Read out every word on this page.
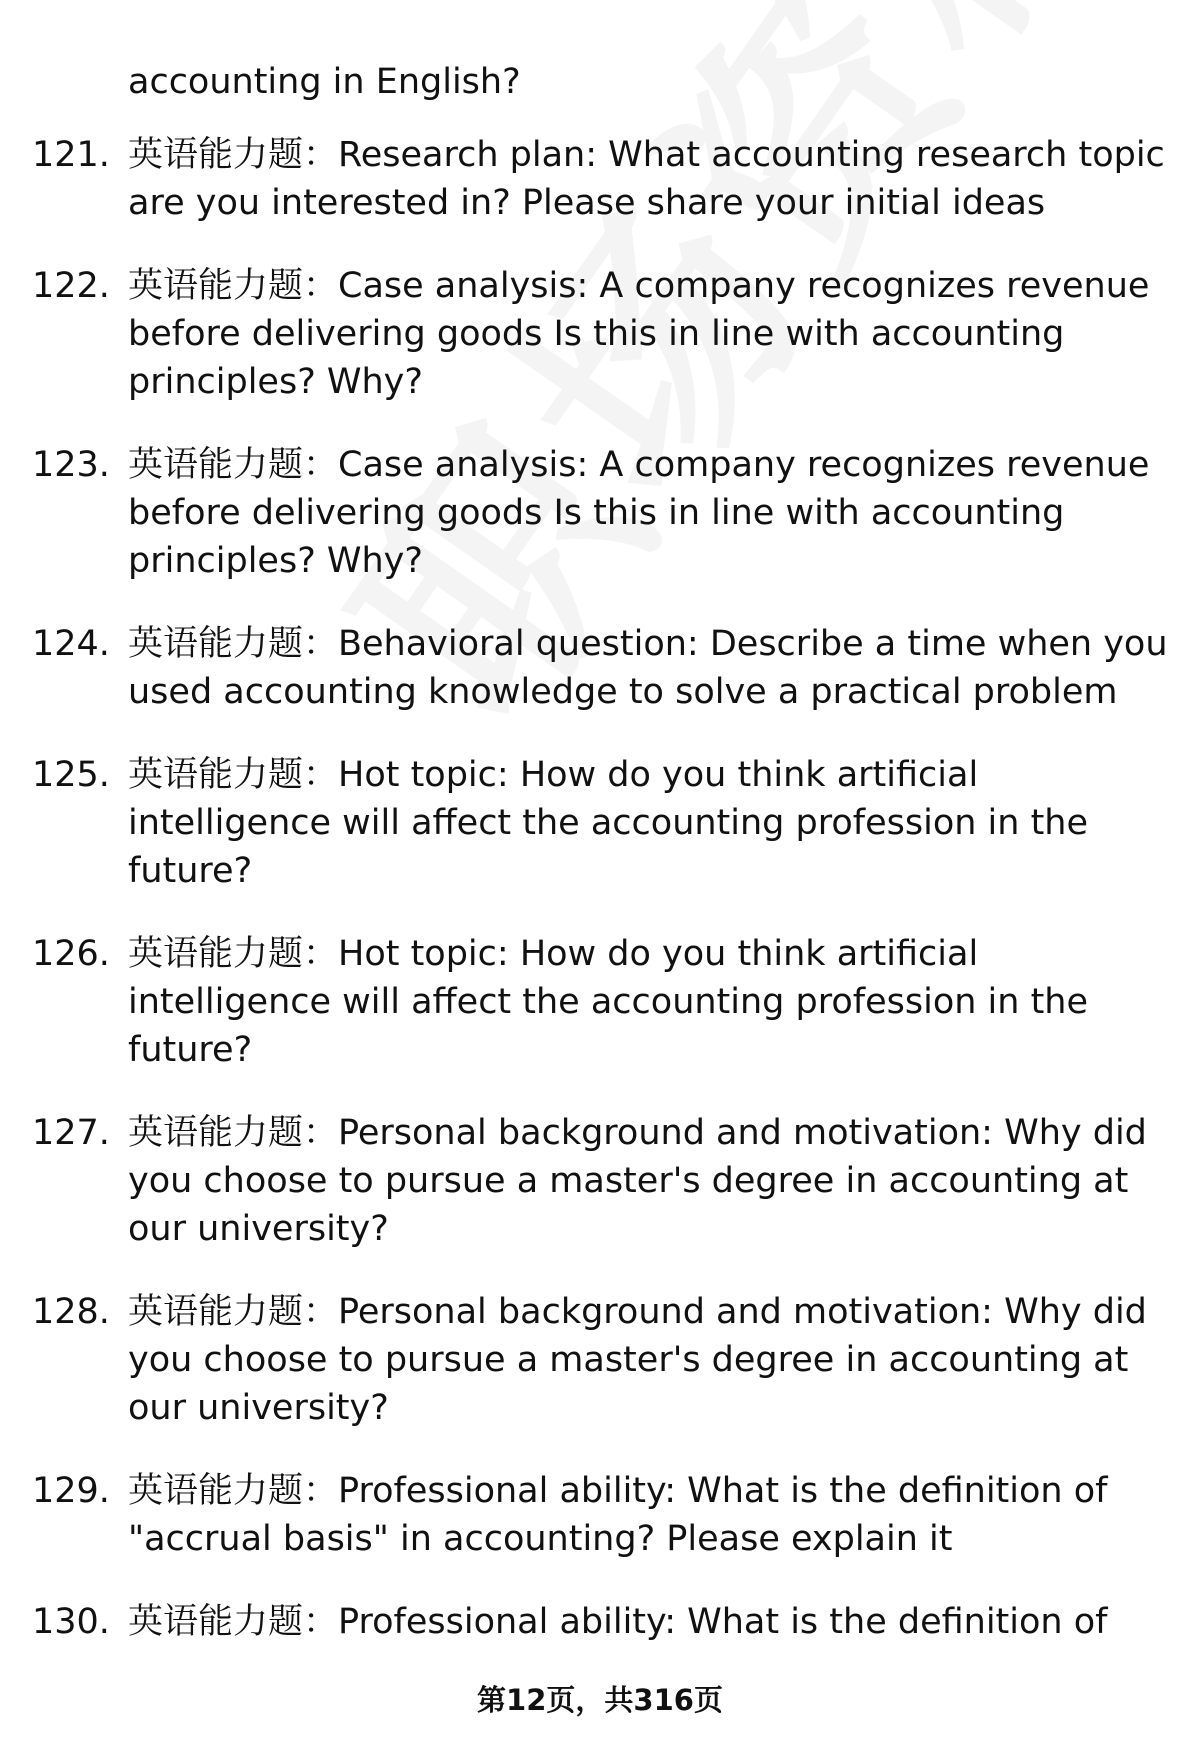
accounting in English?
121. 英语能力题：Research plan: What accounting research topic are you interested in? Please share your initial ideas
122. 英语能力题：Case analysis: A company recognizes revenue before delivering goods Is this in line with accounting principles? Why?
123. 英语能力题：Case analysis: A company recognizes revenue before delivering goods Is this in line with accounting principles? Why?
124. 英语能力题：Behavioral question: Describe a time when you used accounting knowledge to solve a practical problem
125. 英语能力题：Hot topic: How do you think artificial intelligence will affect the accounting profession in the future?
126. 英语能力题：Hot topic: How do you think artificial intelligence will affect the accounting profession in the future?
127. 英语能力题：Personal background and motivation: Why did you choose to pursue a master's degree in accounting at our university?
128. 英语能力题：Personal background and motivation: Why did you choose to pursue a master's degree in accounting at our university?
129. 英语能力题：Professional ability: What is the definition of "accrual basis" in accounting? Please explain it
130. 英语能力题：Professional ability: What is the definition of
第12页，共316页
